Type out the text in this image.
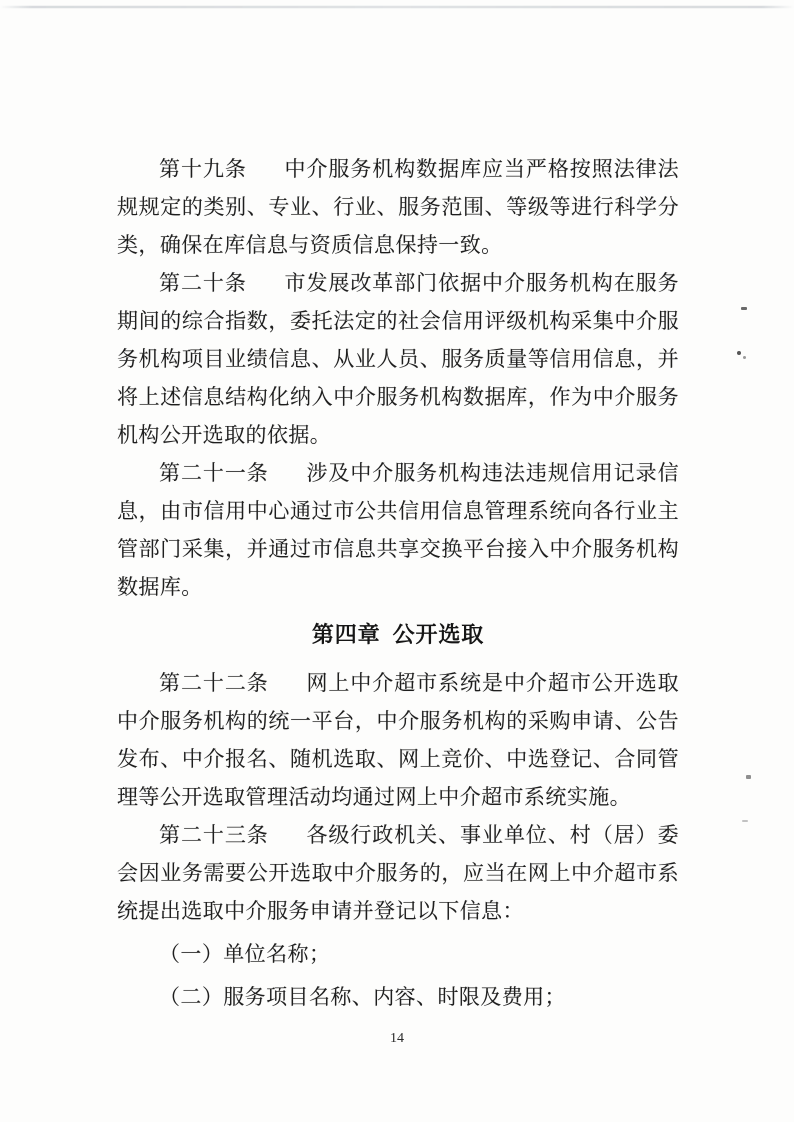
第十九条 中介服务机构数据库应当严格按照法律法规规定的类别、专业、行业、服务范围、等级等进行科学分类，确保在库信息与资质信息保持一致。

第二十条 市发展改革部门依据中介服务机构在服务期间的综合指数，委托法定的社会信用评级机构采集中介服务机构项目业绩信息、从业人员、服务质量等信用信息，并将上述信息结构化纳入中介服务机构数据库，作为中介服务机构公开选取的依据。

第二十一条 涉及中介服务机构违法违规信用记录信息，由市信用中心通过市公共信用信息管理系统向各行业主管部门采集，并通过市信息共享交换平台接入中介服务机构数据库。

第四章 公开选取

第二十二条 网上中介超市系统是中介超市公开选取中介服务机构的统一平台，中介服务机构的采购申请、公告发布、中介报名、随机选取、网上竞价、中选登记、合同管理等公开选取管理活动均通过网上中介超市系统实施。

第二十三条 各级行政机关、事业单位、村（居）委会因业务需要公开选取中介服务的，应当在网上中介超市系统提出选取中介服务申请并登记以下信息：

（一）单位名称；

（二）服务项目名称、内容、时限及费用；

14
